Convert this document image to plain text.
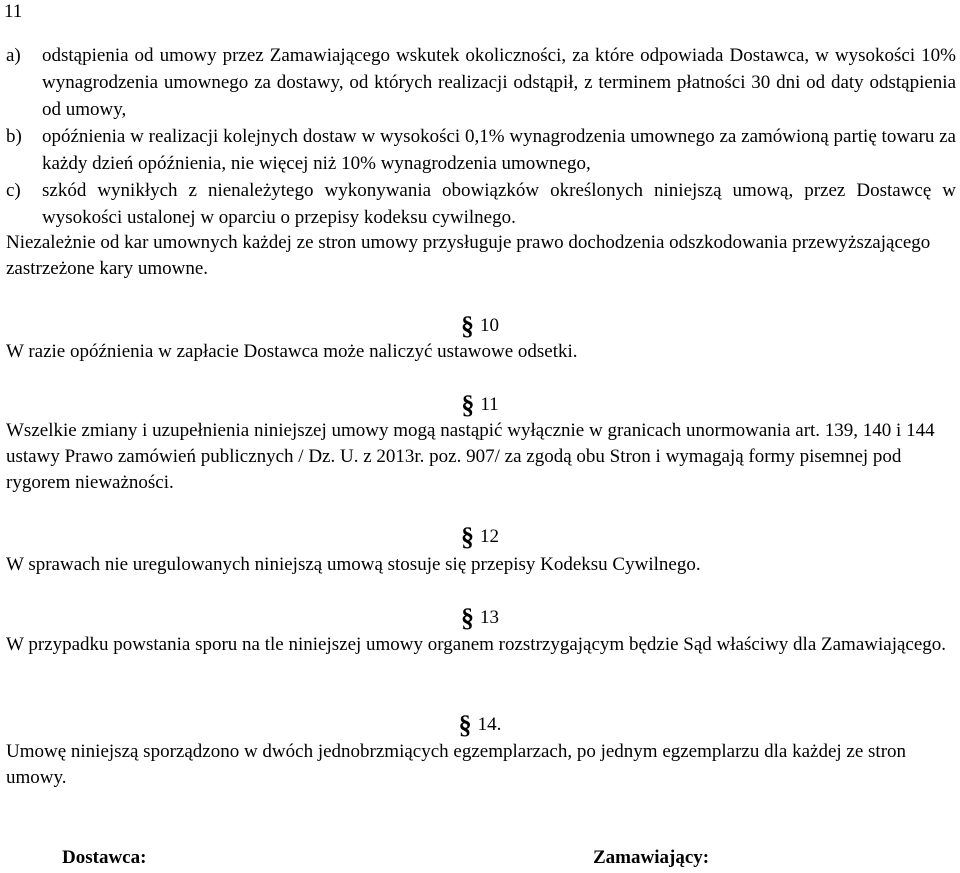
11
a)	odstąpienia od umowy przez Zamawiającego wskutek okoliczności, za które odpowiada Dostawca, w wysokości 10% wynagrodzenia umownego za dostawy, od których realizacji odstąpił, z terminem płatności 30 dni od daty odstąpienia od umowy,
b)	opóźnienia w realizacji kolejnych dostaw w wysokości 0,1% wynagrodzenia umownego za zamówioną partię towaru za każdy dzień opóźnienia, nie więcej niż 10% wynagrodzenia umownego,
c)	szkód wynikłych z nienależytego wykonywania obowiązków określonych niniejszą umową, przez Dostawcę w wysokości ustalonej w oparciu o przepisy kodeksu cywilnego.
Niezależnie od kar umownych każdej ze stron umowy przysługuje prawo dochodzenia odszkodowania przewyższającego zastrzeżone kary umowne.
§ 10
W razie opóźnienia w zapłacie Dostawca może naliczyć ustawowe odsetki.
§ 11
Wszelkie zmiany i uzupełnienia niniejszej umowy mogą nastąpić wyłącznie w granicach unormowania art. 139, 140 i 144 ustawy Prawo zamówień publicznych / Dz. U. z 2013r. poz. 907/ za zgodą obu Stron i wymagają formy pisemnej pod rygorem nieważności.
§ 12
W sprawach nie uregulowanych niniejszą umową stosuje się przepisy Kodeksu Cywilnego.
§ 13
W przypadku powstania sporu na tle niniejszej umowy organem rozstrzygającym będzie Sąd właściwy dla Zamawiającego.
§ 14.
Umowę niniejszą sporządzono w dwóch jednobrzmiących egzemplarzach, po jednym egzemplarzu dla każdej ze stron umowy.
Dostawca:	Zamawiający:
